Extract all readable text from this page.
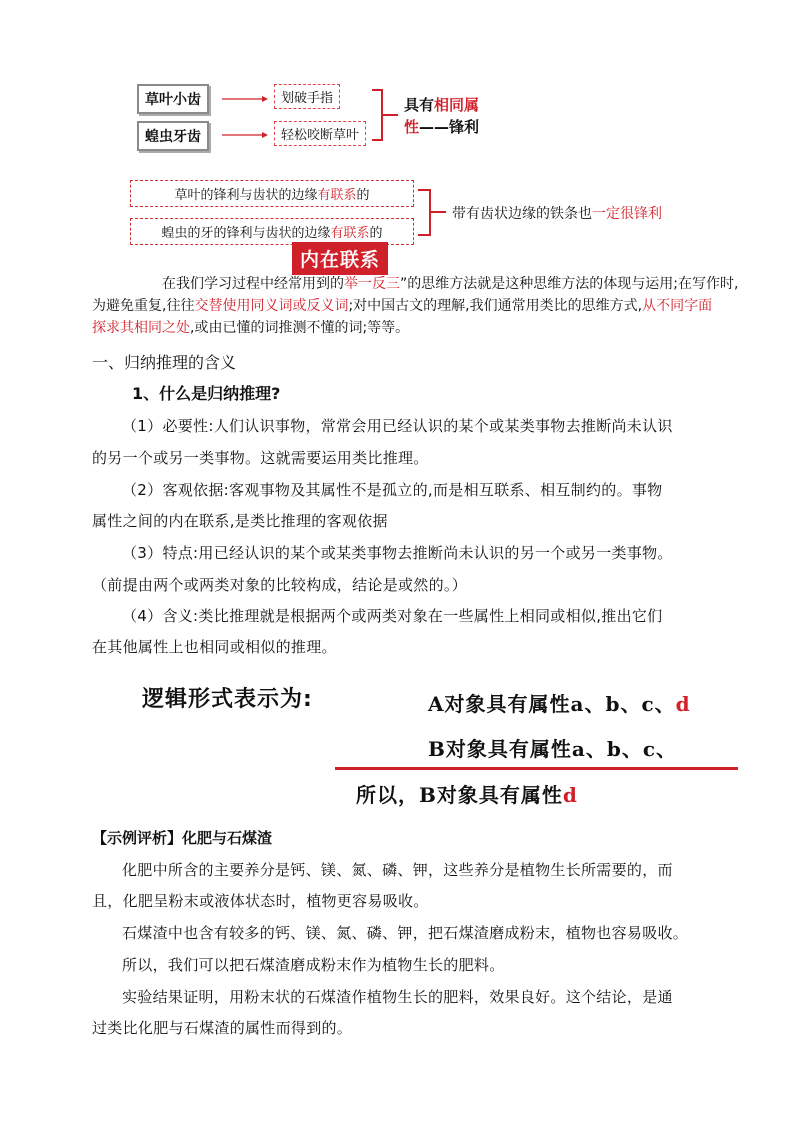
草叶小齿
蝗虫牙齿
划破手指
轻松咬断草叶
具有相同属性——锋利
草叶的锋利与齿状的边缘有联系的
蝗虫的牙的锋利与齿状的边缘有联系的
带有齿状边缘的铁条也一定很锋利
内在联系
在我们学习过程中经常用到的举一反三”的思维方法就是这种思维方法的体现与运用;在写作时,
为避免重复,往往交替使用同义词或反义词;对中国古文的理解,我们通常用类比的思维方式,从不同字面
探求其相同之处,或由已懂的词推测不懂的词;等等。
一、归纳推理的含义
1、什么是归纳推理?
（1）必要性:人们认识事物，常常会用已经认识的某个或某类事物去推断尚未认识
的另一个或另一类事物。这就需要运用类比推理。
（2）客观依据:客观事物及其属性不是孤立的,而是相互联系、相互制约的。事物
属性之间的内在联系,是类比推理的客观依据
（3）特点:用已经认识的某个或某类事物去推断尚未认识的另一个或另一类事物。
（前提由两个或两类对象的比较构成，结论是或然的。）
（4）含义:类比推理就是根据两个或两类对象在一些属性上相同或相似,推出它们
在其他属性上也相同或相似的推理。
逻辑形式表示为:	A对象具有属性a、b、c、d
B对象具有属性a、b、c、
所以，B对象具有属性d
【示例评析】化肥与石煤渣
化肥中所含的主要养分是钙、镁、氮、磷、钾，这些养分是植物生长所需要的，而
且，化肥呈粉末或液体状态时，植物更容易吸收。
石煤渣中也含有较多的钙、镁、氮、磷、钾，把石煤渣磨成粉末，植物也容易吸收。
所以，我们可以把石煤渣磨成粉末作为植物生长的肥料。
实验结果证明，用粉末状的石煤渣作植物生长的肥料，效果良好。这个结论，是通
过类比化肥与石煤渣的属性而得到的。
